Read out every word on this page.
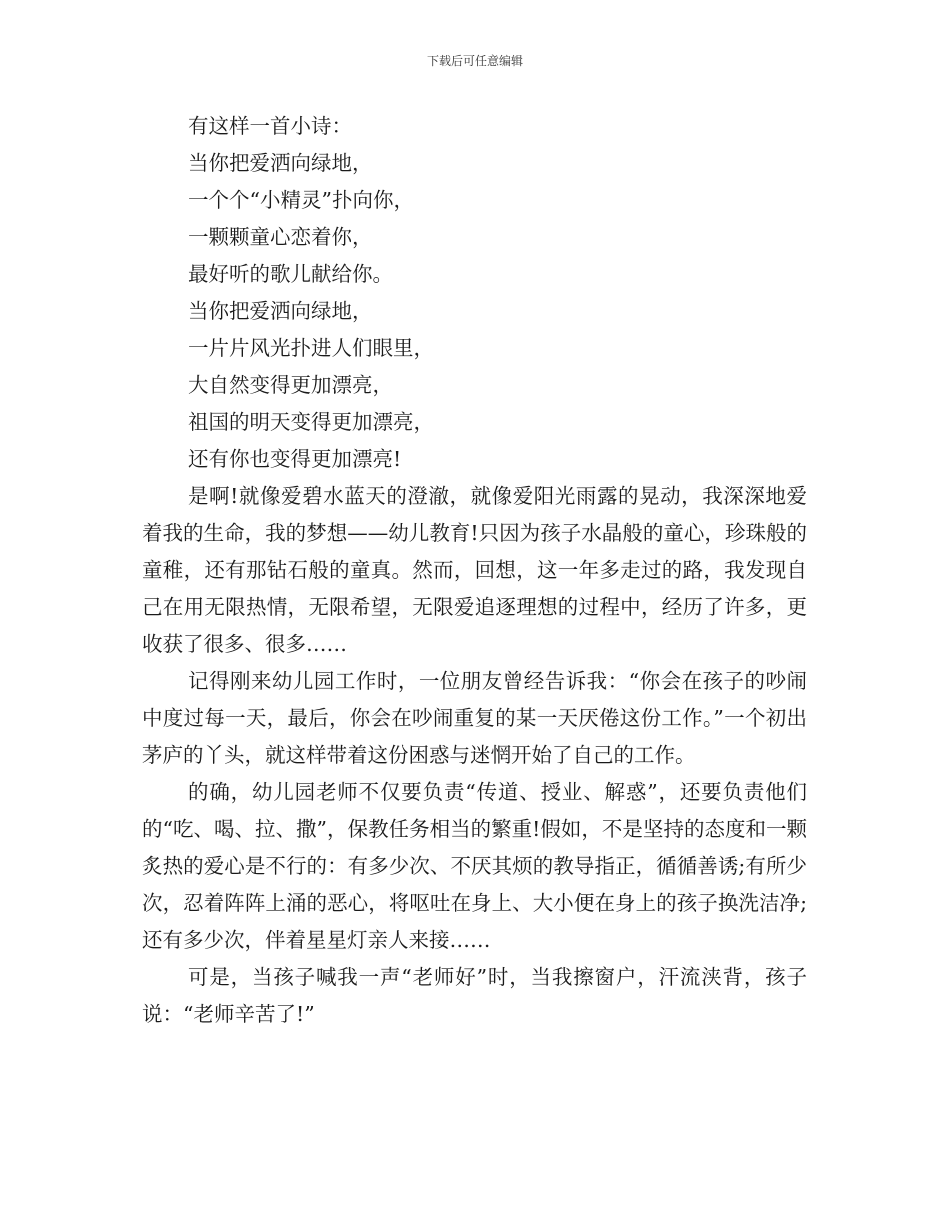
下载后可任意编辑

有这样一首小诗：

当你把爱洒向绿地，

一个个“小精灵”扑向你，

一颗颗童心恋着你，

最好听的歌儿献给你。

当你把爱洒向绿地，

一片片风光扑进人们眼里，

大自然变得更加漂亮，

祖国的明天变得更加漂亮，

还有你也变得更加漂亮!

是啊!就像爱碧水蓝天的澄澈，就像爱阳光雨露的晃动，我深深地爱着我的生命，我的梦想——幼儿教育!只因为孩子水晶般的童心，珍珠般的童稚，还有那钻石般的童真。然而，回想，这一年多走过的路，我发现自己在用无限热情，无限希望，无限爱追逐理想的过程中，经历了许多，更收获了很多、很多……

记得刚来幼儿园工作时，一位朋友曾经告诉我：“你会在孩子的吵闹中度过每一天，最后，你会在吵闹重复的某一天厌倦这份工作。”一个初出茅庐的丫头，就这样带着这份困惑与迷惘开始了自己的工作。

的确，幼儿园老师不仅要负责“传道、授业、解惑”，还要负责他们的“吃、喝、拉、撒”，保教任务相当的繁重!假如，不是坚持的态度和一颗炙热的爱心是不行的：有多少次、不厌其烦的教导指正，循循善诱;有所少次，忍着阵阵上涌的恶心，将呕吐在身上、大小便在身上的孩子换洗洁净;还有多少次，伴着星星灯亲人来接……

可是，当孩子喊我一声“老师好”时，当我擦窗户，汗流浃背，孩子说：“老师辛苦了!”
